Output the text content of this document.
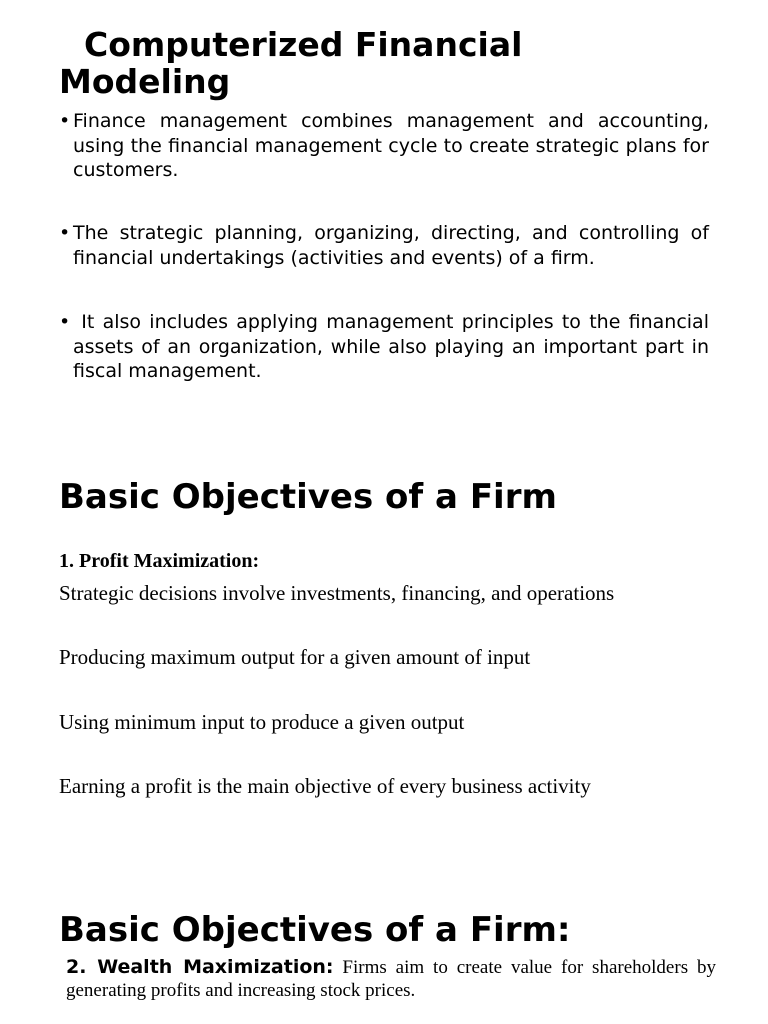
Computerized Financial
Modeling
• Finance management combines management and accounting, using the financial management cycle to create strategic plans for customers.
• The strategic planning, organizing, directing, and controlling of financial undertakings (activities and events) of a firm.
• It also includes applying management principles to the financial assets of an organization, while also playing an important part in fiscal management.
Basic Objectives of a Firm
1. Profit Maximization:

Strategic decisions involve investments, financing, and operations

Producing maximum output for a given amount of input

Using minimum input to produce a given output

Earning a profit is the main objective of every business activity

Basic Objectives of a Firm:

2. Wealth Maximization: Firms aim to create value for shareholders by generating profits and increasing stock prices.
